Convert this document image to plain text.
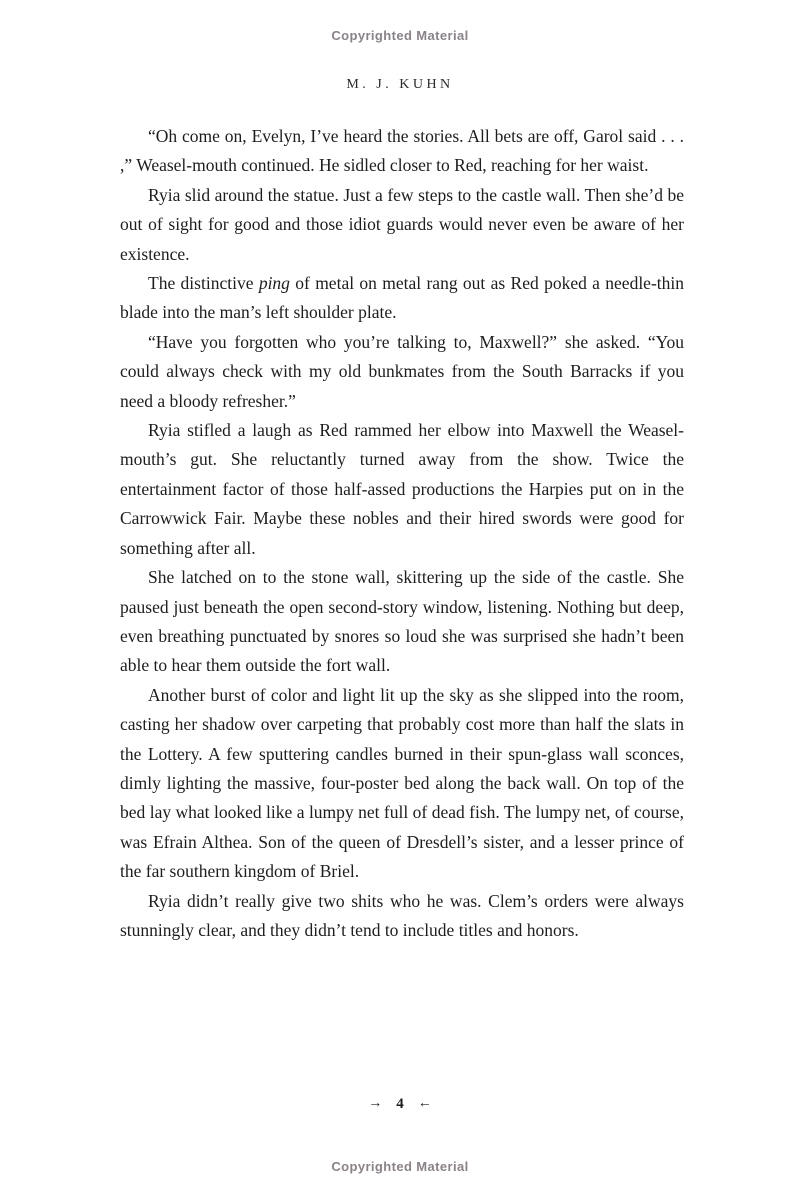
Copyrighted Material
M. J. KUHN

“Oh come on, Evelyn, I’ve heard the stories. All bets are off, Garol said . . . ,” Weasel-mouth continued. He sidled closer to Red, reaching for her waist.

Ryia slid around the statue. Just a few steps to the castle wall. Then she’d be out of sight for good and those idiot guards would never even be aware of her existence.

The distinctive ping of metal on metal rang out as Red poked a needle-thin blade into the man’s left shoulder plate.

“Have you forgotten who you’re talking to, Maxwell?” she asked. “You could always check with my old bunkmates from the South Barracks if you need a bloody refresher.”

Ryia stifled a laugh as Red rammed her elbow into Maxwell the Weasel-mouth’s gut. She reluctantly turned away from the show. Twice the entertainment factor of those half-assed productions the Harpies put on in the Carrowwick Fair. Maybe these nobles and their hired swords were good for something after all.

She latched on to the stone wall, skittering up the side of the castle. She paused just beneath the open second-story window, listening. Nothing but deep, even breathing punctuated by snores so loud she was surprised she hadn’t been able to hear them outside the fort wall.

Another burst of color and light lit up the sky as she slipped into the room, casting her shadow over carpeting that probably cost more than half the slats in the Lottery. A few sputtering candles burned in their spun-glass wall sconces, dimly lighting the massive, four-poster bed along the back wall. On top of the bed lay what looked like a lumpy net full of dead fish. The lumpy net, of course, was Efrain Althea. Son of the queen of Dresdell’s sister, and a lesser prince of the far southern kingdom of Briel.

Ryia didn’t really give two shits who he was. Clem’s orders were always stunningly clear, and they didn’t tend to include titles and honors.

→ 4 ←
Copyrighted Material
